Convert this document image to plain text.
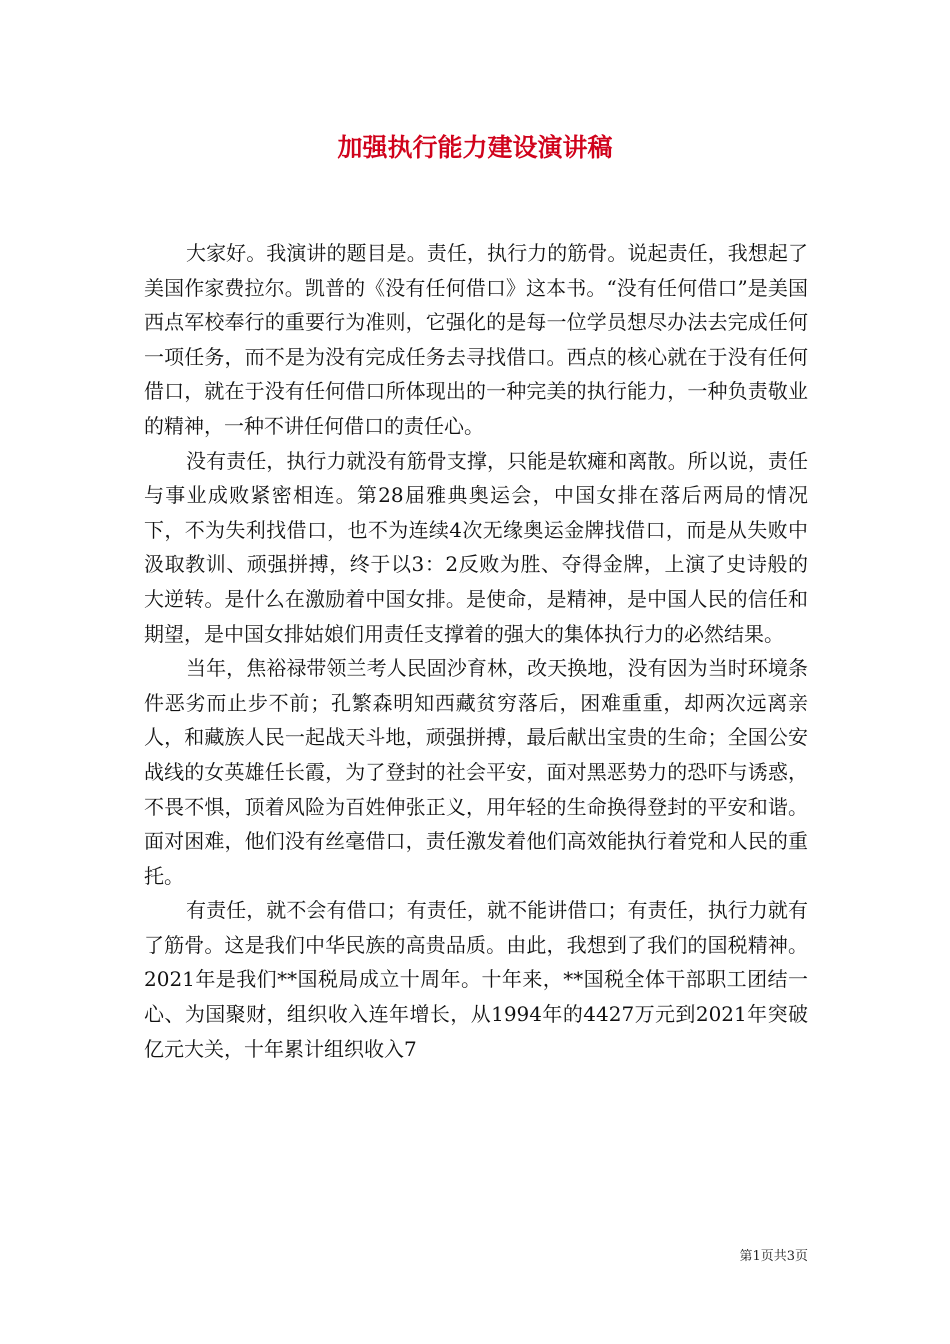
加强执行能力建设演讲稿

大家好。我演讲的题目是。责任，执行力的筋骨。说起责任，我想起了美国作家费拉尔。凯普的《没有任何借口》这本书。“没有任何借口”是美国西点军校奉行的重要行为准则，它强化的是每一位学员想尽办法去完成任何一项任务，而不是为没有完成任务去寻找借口。西点的核心就在于没有任何借口，就在于没有任何借口所体现出的一种完美的执行能力，一种负责敬业的精神，一种不讲任何借口的责任心。

没有责任，执行力就没有筋骨支撑，只能是软瘫和离散。所以说，责任与事业成败紧密相连。第28届雅典奥运会，中国女排在落后两局的情况下，不为失利找借口，也不为连续4次无缘奥运金牌找借口，而是从失败中汲取教训、顽强拼搏，终于以3：2反败为胜、夺得金牌，上演了史诗般的大逆转。是什么在激励着中国女排。是使命，是精神，是中国人民的信任和期望，是中国女排姑娘们用责任支撑着的强大的集体执行力的必然结果。

当年，焦裕禄带领兰考人民固沙育林，改天换地，没有因为当时环境条件恶劣而止步不前；孔繁森明知西藏贫穷落后，困难重重，却两次远离亲人，和藏族人民一起战天斗地，顽强拼搏，最后献出宝贵的生命；全国公安战线的女英雄任长霞，为了登封的社会平安，面对黑恶势力的恐吓与诱惑，不畏不惧，顶着风险为百姓伸张正义，用年轻的生命换得登封的平安和谐。面对困难，他们没有丝毫借口，责任激发着他们高效能执行着党和人民的重托。

有责任，就不会有借口；有责任，就不能讲借口；有责任，执行力就有了筋骨。这是我们中华民族的高贵品质。由此，我想到了我们的国税精神。2021年是我们**国税局成立十周年。十年来，**国税全体干部职工团结一心、为国聚财，组织收入连年增长，从1994年的4427万元到2021年突破亿元大关，十年累计组织收入7

第1页共3页
